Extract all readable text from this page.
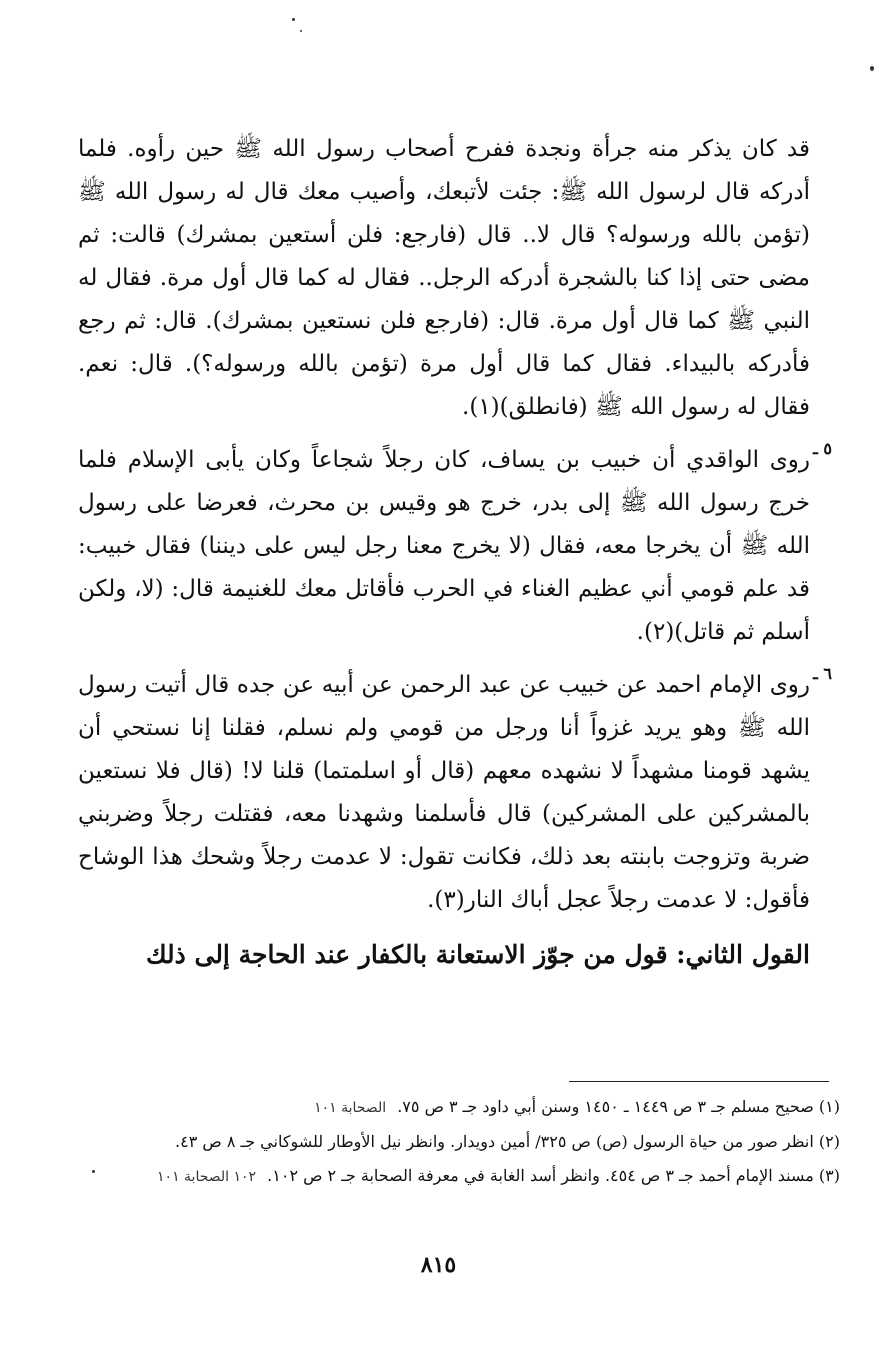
قد كان يذكر منه جرأة ونجدة ففرح أصحاب رسول الله ﷺ حين رأوه. فلما أدركه قال لرسول الله ﷺ: جئت لأتبعك، وأصيب معك قال له رسول الله ﷺ (تؤمن بالله ورسوله؟ قال لا.. قال (فارجع: فلن أستعين بمشرك) قالت: ثم مضى حتى إذا كنا بالشجرة أدركه الرجل.. فقال له كما قال أول مرة. فقال له النبي ﷺ كما قال أول مرة. قال: (فارجع فلن نستعين بمشرك). قال: ثم رجع فأدركه بالبيداء. فقال كما قال أول مرة (تؤمن بالله ورسوله؟). قال: نعم. فقال له رسول الله ﷺ (فانطلق)(١).

٥ ـ

روى الواقدي أن خبيب بن يساف، كان رجلاً شجاعاً وكان يأبى الإسلام فلما خرج رسول الله ﷺ إلى بدر، خرج هو وقيس بن محرث، فعرضا على رسول الله ﷺ أن يخرجا معه، فقال (لا يخرج معنا رجل ليس على ديننا) فقال خبيب: قد علم قومي أني عظيم الغناء في الحرب فأقاتل معك للغنيمة قال: (لا، ولكن أسلم ثم قاتل)(٢).

٦ ـ

روى الإمام احمد عن خبيب عن عبد الرحمن عن أبيه عن جده قال أتيت رسول الله ﷺ وهو يريد غزواً أنا ورجل من قومي ولم نسلم، فقلنا إنا نستحي أن يشهد قومنا مشهداً لا نشهده معهم (قال أو اسلمتما) قلنا لا! (قال فلا نستعين بالمشركين على المشركين) قال فأسلمنا وشهدنا معه، فقتلت رجلاً وضربني ضربة وتزوجت بابنته بعد ذلك، فكانت تقول: لا عدمت رجلاً وشحك هذا الوشاح فأقول: لا عدمت رجلاً عجل أباك النار(٣).

القول الثاني: قول من جوّز الاستعانة بالكفار عند الحاجة إلى ذلك

(١) صحيح مسلم جـ ٣ ص ١٤٤٩ ـ ١٤٥٠ وسنن أبي داود جـ ٣ ص ٧٥. الصحابة ١٠١

(٢) انظر صور من حياة الرسول (ص) ص ٣٢٥/ أمين دويدار. وانظر نيل الأوطار للشوكاني جـ ٨ ص ٤٣.

(٣) مسند الإمام أحمد جـ ٣ ص ٤٥٤. وانظر أسد الغابة في معرفة الصحابة جـ ٢ ص ١٠٢. ١٠٢ الصحابة ١٠١

٨١٥
